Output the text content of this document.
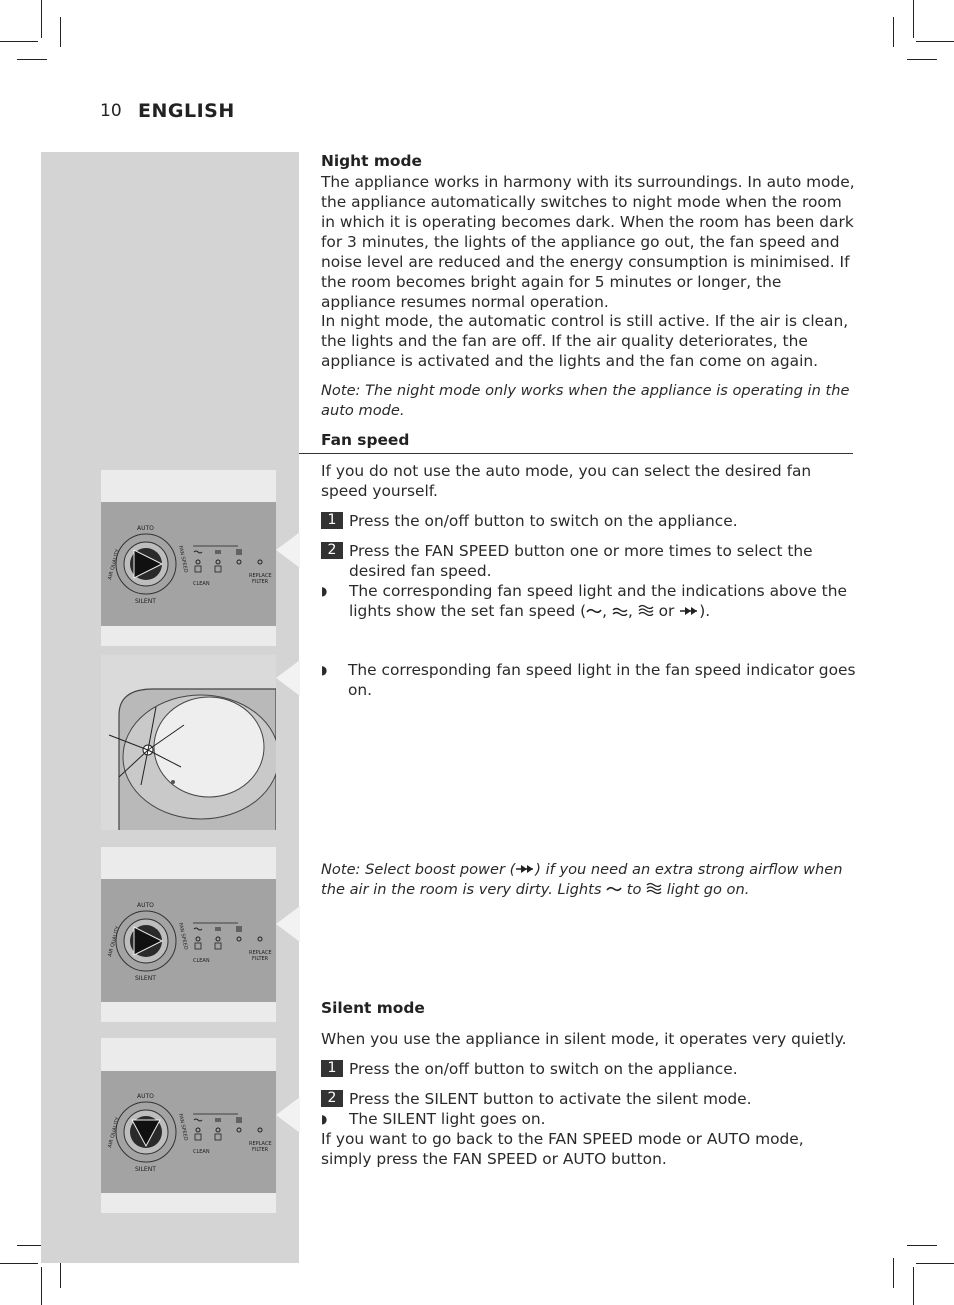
10 ENGLISH
AUTO
SILENT
AIR QUALITY	FAN SPEED
CLEAN
REPLACE
FILTER
AUTO
SILENT
AIR QUALITY	FAN SPEED
CLEAN
REPLACE
FILTER
AUTO
SILENT
AIR QUALITY	FAN SPEED
CLEAN
REPLACE
FILTER
Night mode
The appliance works in harmony with its surroundings. In auto mode, the appliance automatically switches to night mode when the room in which it is operating becomes dark. When the room has been dark for 3 minutes, the lights of the appliance go out, the fan speed and noise level are reduced and the energy consumption is minimised. If the room becomes bright again for 5 minutes or longer, the appliance resumes normal operation.
In night mode, the automatic control is still active. If the air is clean, the lights and the fan are off. If the air quality deteriorates, the appliance is activated and the lights and the fan come on again.
Note: The night mode only works when the appliance is operating in the auto mode.
Fan speed
If you do not use the auto mode, you can select the desired fan speed yourself.
1 Press the on/off button to switch on the appliance.
2 Press the FAN SPEED button one or more times to select the desired fan speed.
◗ The corresponding fan speed light and the indications above the lights show the set fan speed ( , ,  or ).
◗ The corresponding fan speed light in the fan speed indicator goes on.
Note: Select boost power ( ) if you need an extra strong airflow when the air in the room is very dirty. Lights to light go on.
Silent mode
When you use the appliance in silent mode, it operates very quietly.
1 Press the on/off button to switch on the appliance.
2 Press the SILENT button to activate the silent mode.
◗ The SILENT light goes on.
If you want to go back to the FAN SPEED mode or AUTO mode, simply press the FAN SPEED or AUTO button.
